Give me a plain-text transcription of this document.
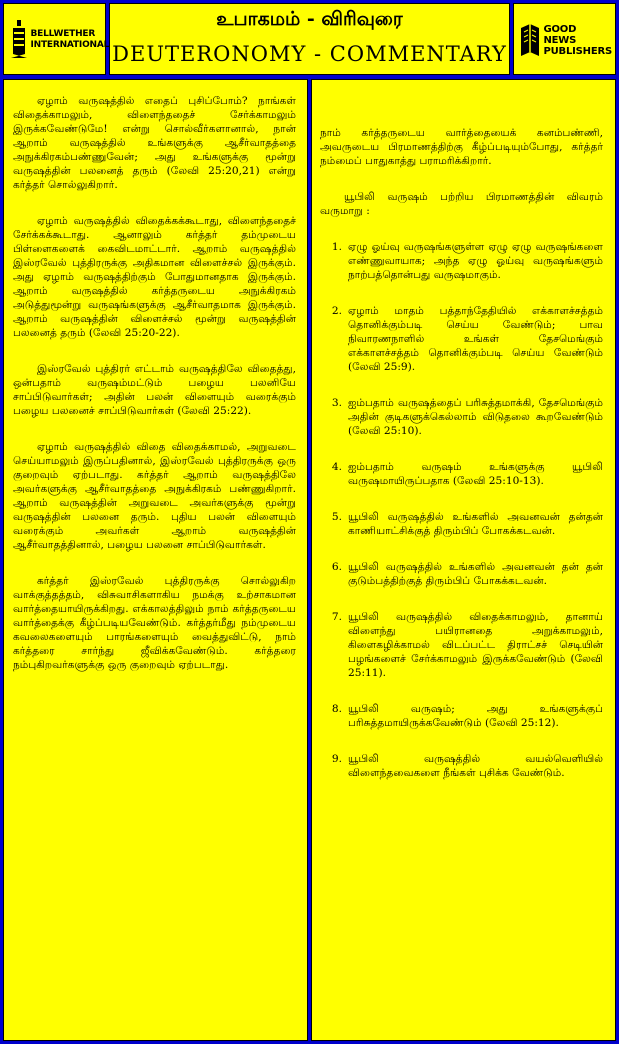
BELLWETHER INTERNATIONAL
உபாகமம் - விரிவுரை
DEUTERONOMY - COMMENTARY
GOOD NEWS PUBLISHERS

ஏழாம் வருஷத்தில் எதைப் புசிப்போம்? நாங்கள் விதைக்காமலும், விளைந்ததைச் சேர்க்காமலும் இருக்கவேண்டுமே! என்று சொல்வீர்களானால், நான் ஆறாம் வருஷத்தில் உங்களுக்கு ஆசீர்வாதத்தை அநுக்கிரகம்பண்ணுவேன்; அது உங்களுக்கு மூன்று வருஷத்தின் பலனைத் தரும் (லேவி 25:20,21) என்று கர்த்தர் சொல்லுகிறார்.

ஏழாம் வருஷத்தில் விதைக்கக்கூடாது, விளைந்ததைச் சேர்க்கக்கூடாது. ஆனாலும் கர்த்தர் தம்முடைய பிள்ளைகளைக் கைவிடமாட்டார். ஆறாம் வருஷத்தில் இஸ்ரவேல் புத்திரருக்கு அதிகமான விளைச்சல் இருக்கும். அது ஏழாம் வருஷத்திற்கும் போதுமானதாக இருக்கும். ஆறாம் வருஷத்தில் கர்த்தருடைய அநுக்கிரகம் அடுத்துமூன்று வருஷங்களுக்கு ஆசீர்வாதமாக இருக்கும். ஆறாம் வருஷத்தின் விளைச்சல் மூன்று வருஷத்தின் பலனைத் தரும் (லேவி 25:20-22).

இஸ்ரவேல் புத்திரர் எட்டாம் வருஷத்திலே விதைத்து, ஒன்பதாம் வருஷம்மட்டும் பழைய பலனியே சாப்பிடுவார்கள்; அதின் பலன் விளையும் வரைக்கும் பழைய பலனைச் சாப்பிடுவார்கள் (லேவி 25:22).

ஏழாம் வருஷத்தில் விதை விதைக்காமல், அறுவடை செய்யாமலும் இருப்பதினால், இஸ்ரவேல் புத்திரருக்கு ஒரு குறைவும் ஏற்படாது. கர்த்தர் ஆறாம் வருஷத்திலே அவர்களுக்கு ஆசீர்வாதத்தை அநுக்கிரகம் பண்ணுகிறார். ஆறாம் வருஷத்தின் அறுவடை அவர்களுக்கு மூன்று வருஷத்தின் பலனை தரும். புதிய பலன் விளையும் வரைக்கும் அவர்கள் ஆறாம் வருஷத்தின் ஆசீர்வாதத்தினால், பழைய பலனை சாப்பிடுவார்கள்.

கர்த்தர் இஸ்ரவேல் புத்திரருக்கு சொல்லுகிற வாக்குத்தத்தம், விசுவாசிகளாகிய நமக்கு உற்சாகமான வார்த்தையாயிருக்கிறது. எக்காலத்திலும் நாம் கர்த்தருடைய வார்த்தைக்கு கீழ்ப்படியவேண்டும். கர்த்தர்மீது நம்முடைய கவலைகளையும் பாரங்களையும் வைத்துவிட்டு, நாம் கர்த்தரை சார்ந்து ஜீவிக்கவேண்டும். கர்த்தரை நம்புகிறவர்களுக்கு ஒரு குறைவும் ஏற்படாது.

நாம் கர்த்தருடைய வார்த்தையைக் கனம்பண்ணி, அவருடைய பிரமாணத்திற்கு கீழ்ப்படியும்போது, கர்த்தர் நம்மைப் பாதுகாத்து பராமரிக்கிறார்.

யூபிலி வருஷம் பற்றிய பிரமாணத்தின் விவரம் வருமாறு :

1. ஏழு ஓய்வு வருஷங்களுள்ள ஏழு ஏழு வருஷங்களை எண்ணுவாயாக; அந்த ஏழு ஓய்வு வருஷங்களும் நாற்பத்தொன்பது வருஷமாகும்.
2. ஏழாம் மாதம் பத்தாந்தேதியில் எக்காளச்சத்தம் தொனிக்கும்படி செய்ய வேண்டும்; பாவ நிவாரணநாளில் உங்கள் தேசமெங்கும் எக்காளச்சத்தம் தொனிக்கும்படி செய்ய வேண்டும் (லேவி 25:9).
3. ஐம்பதாம் வருஷத்தைப் பரிசுத்தமாக்கி, தேசமெங்கும் அதின் குடிகளுக்கெல்லாம் விடுதலை கூறவேண்டும் (லேவி 25:10).
4. ஐம்பதாம் வருஷம் உங்களுக்கு யூபிலி வருஷமாயிருப்பதாக (லேவி 25:10-13).
5. யூபிலி வருஷத்தில் உங்களில் அவனவன் தன்தன் காணியாட்சிக்குத் திரும்பிப் போகக்கடவன்.
6. யூபிலி வருஷத்தில் உங்களில் அவனவன் தன் தன் குடும்பத்திற்குத் திரும்பிப் போகக்கடவன்.
7. யூபிலி வருஷத்தில் விதைக்காமலும், தானாய் விளைந்து பயிரானதை அறுக்காமலும், கிளைகழிக்காமல் விடப்பட்ட திராட்சச் செடியின் பழங்களைச் சேர்க்காமலும் இருக்கவேண்டும் (லேவி 25:11).
8. யூபிலி வருஷம்; அது உங்களுக்குப் பரிசுத்தமாயிருக்கவேண்டும் (லேவி 25:12).
9. யூபிலி வருஷத்தில் வயல்வெளியில் விளைந்தவைகளை நீங்கள் புசிக்க வேண்டும்.
